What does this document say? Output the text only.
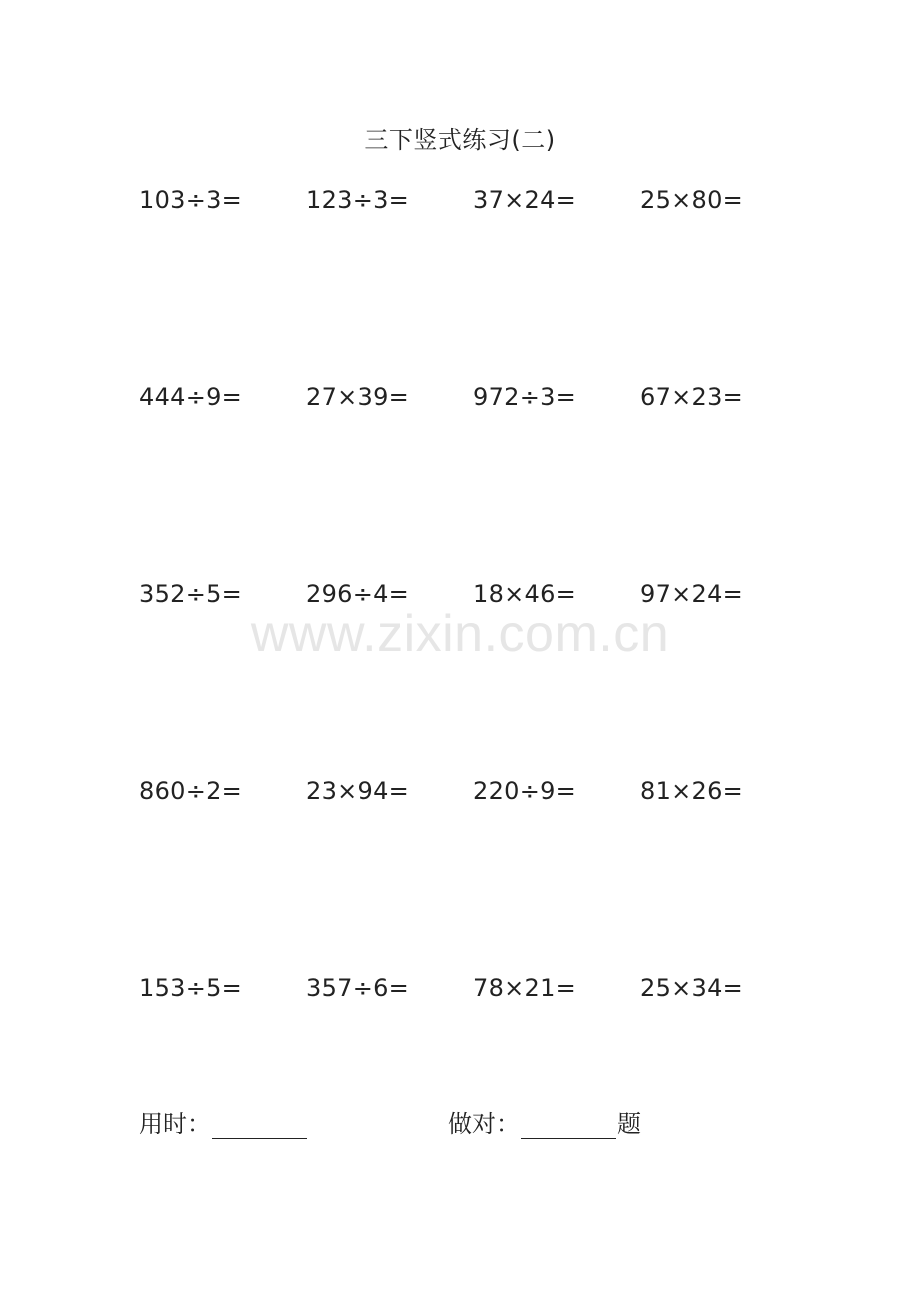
三下竖式练习(二)
103÷3=	123÷3=	37×24=	25×80=
444÷9=	27×39=	972÷3=	67×23=
352÷5=	296÷4=	18×46=	97×24=
860÷2=	23×94=	220÷9=	81×26=
153÷5=	357÷6=	78×21=	25×34=
www.zixin.com.cn
用时：	做对：	题
